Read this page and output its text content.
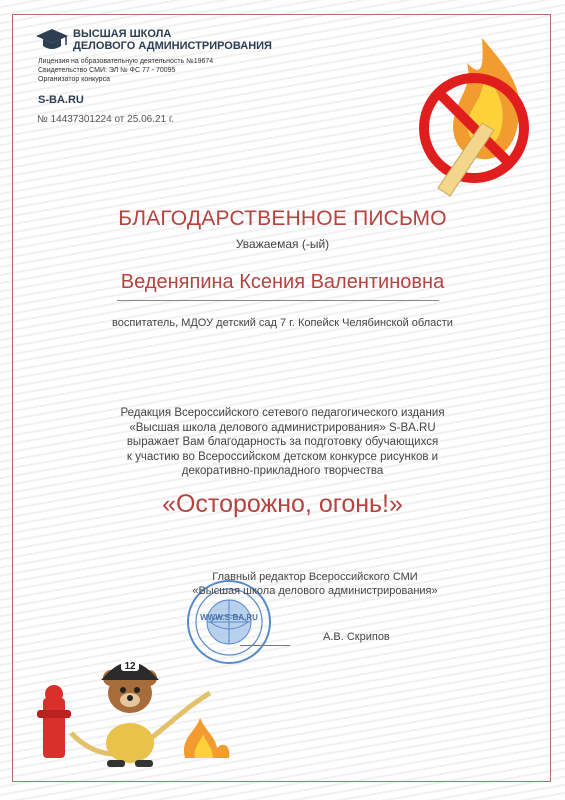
ВЫСШАЯ ШКОЛА
ДЕЛОВОГО АДМИНИСТРИРОВАНИЯ
Лицензия на образовательную деятельность №19674
Свидетельство СМИ: ЭЛ № ФС 77 - 70095
Организатор конкурса
S-BA.RU
№ 14437301224 от 25.06.21 г.
БЛАГОДАРСТВЕННОЕ ПИСЬМО
Уважаемая (-ый)
Веденяпина Ксения Валентиновна
воспитатель, МДОУ детский сад 7 г. Копейск Челябинской области
Редакция Всероссийского сетевого педагогического издания
«Высшая школа делового администрирования» S-BA.RU
выражает Вам благодарность за подготовку обучающихся
к участию во Всероссийском детском конкурсе рисунков и
декоративно-прикладного творчества
«Осторожно, огонь!»
WWW.S-BA.RU
Главный редактор Всероссийского СМИ
«Высшая школа делового администрирования»
А.В. Скрипов
12
